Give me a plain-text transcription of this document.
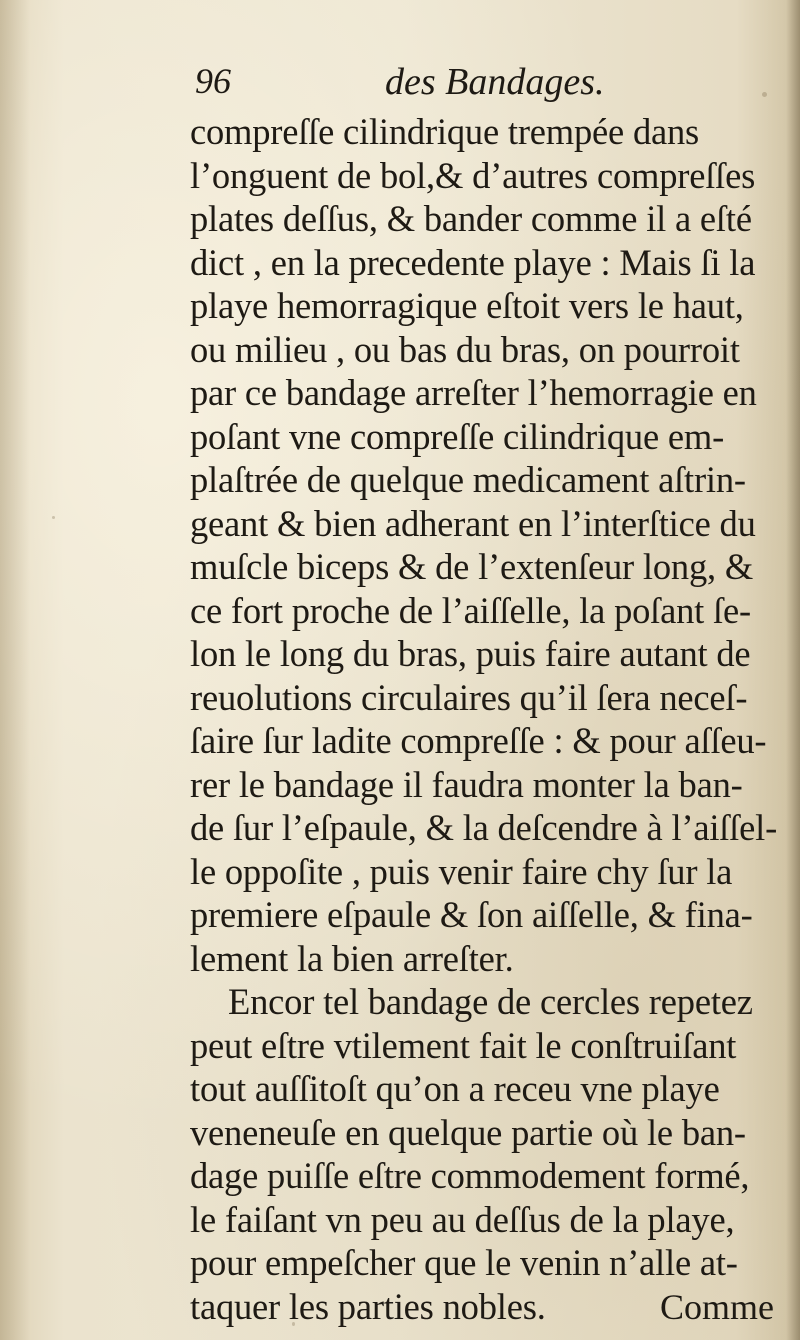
96	des Bandages.
compreſſe cilindrique trempée dans
l’onguent de bol,& d’autres compreſſes
plates deſſus, & bander comme il a eſté
dict , en la precedente playe : Mais ſi la
playe hemorragique eſtoit vers le haut,
ou milieu , ou bas du bras, on pourroit
par ce bandage arreſter l’hemorragie en
poſant vne compreſſe cilindrique em-
plaſtrée de quelque medicament aſtrin-
geant & bien adherant en l’interſtice du
muſcle biceps & de l’extenſeur long, &
ce fort proche de l’aiſſelle, la poſant ſe-
lon le long du bras, puis faire autant de
reuolutions circulaires qu’il ſera neceſ-
ſaire ſur ladite compreſſe : & pour aſſeu-
rer le bandage il faudra monter la ban-
de ſur l’eſpaule, & la deſcendre à l’aiſſel-
le oppoſite , puis venir faire chy ſur la
premiere eſpaule & ſon aiſſelle, & fina-
lement la bien arreſter.
Encor tel bandage de cercles repetez
peut eſtre vtilement fait le conſtruiſant
tout auſſitoſt qu’on a receu vne playe
veneneuſe en quelque partie où le ban-
dage puiſſe eſtre commodement formé,
le faiſant vn peu au deſſus de la playe,
pour empeſcher que le venin n’alle at-
taquer les parties nobles.	Comme
